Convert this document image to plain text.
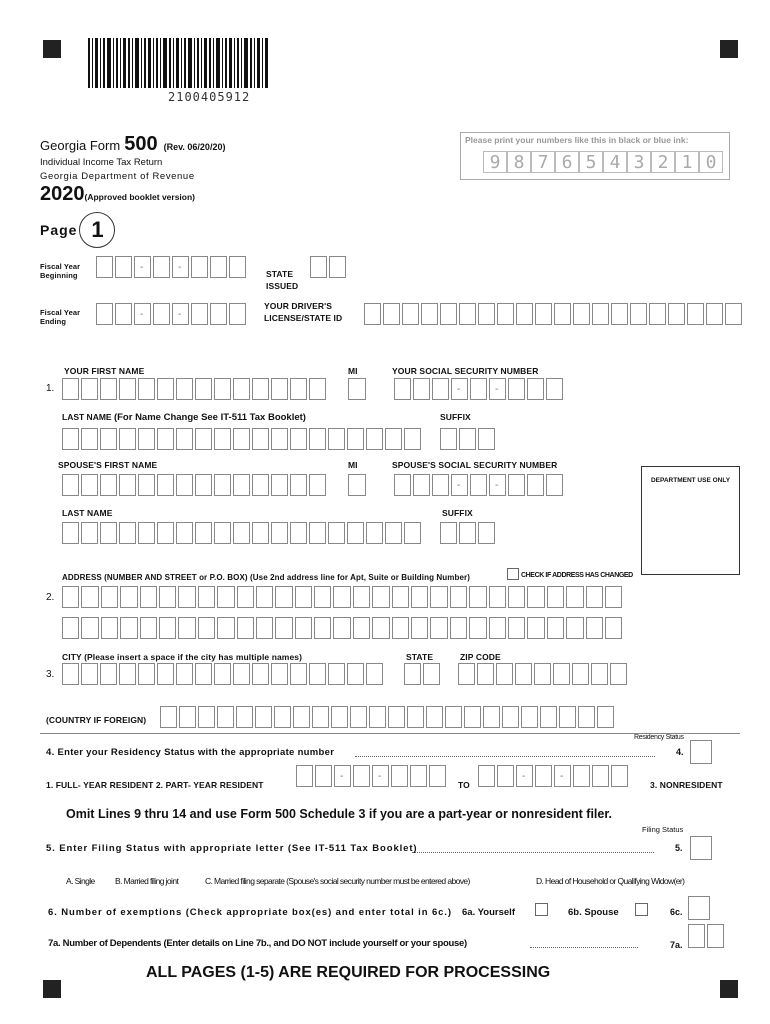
2100405912
Georgia Form 500 (Rev. 06/20/20)
Individual Income Tax Return
Georgia Department of Revenue
2020 (Approved booklet version)
Page 1
Please print your numbers like this in black or blue ink:
9 8 7 6 5 4 3 2 1 0
Fiscal Year Beginning
-	-
Fiscal Year Ending
-	-
STATE ISSUED
YOUR DRIVER'S LICENSE/STATE ID
YOUR FIRST NAME	MI	YOUR SOCIAL SECURITY NUMBER
1.	-	-
LAST NAME (For Name Change See IT-511 Tax Booklet)	SUFFIX
SPOUSE'S FIRST NAME	MI	SPOUSE'S SOCIAL SECURITY NUMBER
-	-	DEPARTMENT USE ONLY
LAST NAME	SUFFIX
ADDRESS (NUMBER AND STREET or P.O. BOX) (Use 2nd address line for Apt, Suite or Building Number)	CHECK IF ADDRESS HAS CHANGED
2.
CITY (Please insert a space if the city has multiple names)	STATE	ZIP CODE
3.
(COUNTRY IF FOREIGN)
Residency Status
4. Enter your Residency Status with the appropriate number	4.
1. FULL- YEAR RESIDENT 2. PART- YEAR RESIDENT
-	-
TO
-	-
3. NONRESIDENT
Omit Lines 9 thru 14 and use Form 500 Schedule 3 if you are a part-year or nonresident filer.
Filing Status
5. Enter Filing Status with appropriate letter (See IT-511 Tax Booklet)	5.
A. Single B. Married filing joint	C. Married filing separate (Spouse's social security number must be entered above)	D. Head of Household or Qualifying Widow(er)
6. Number of exemptions (Check appropriate box(es) and enter total in 6c.) 6a. Yourself	6b. Spouse	6c.
7a. Number of Dependents (Enter details on Line 7b., and DO NOT include yourself or your spouse)	7a.
ALL PAGES (1-5) ARE REQUIRED FOR PROCESSING
